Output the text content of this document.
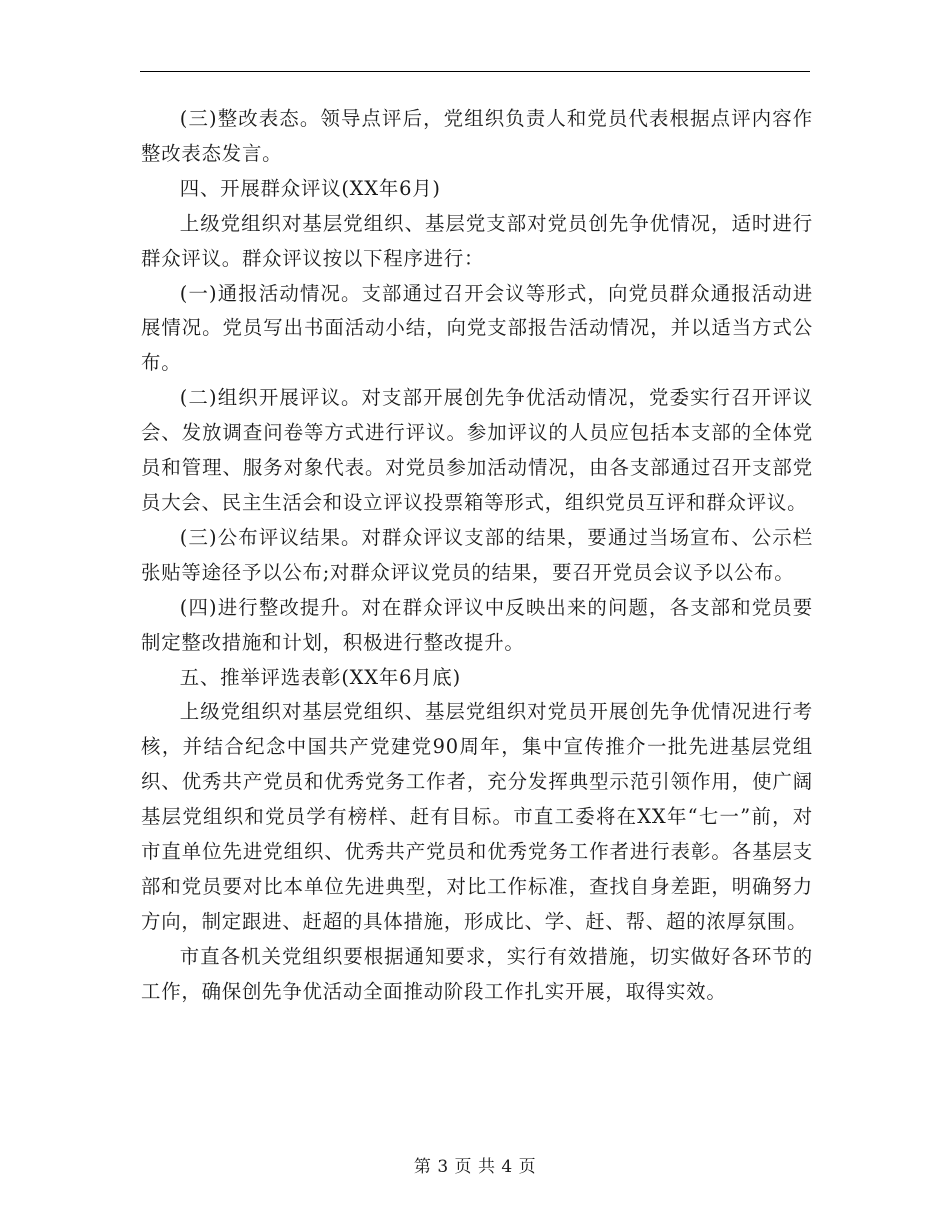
(三)整改表态。领导点评后，党组织负责人和党员代表根据点评内容作整改表态发言。

四、开展群众评议(XX年6月)

上级党组织对基层党组织、基层党支部对党员创先争优情况，适时进行群众评议。群众评议按以下程序进行：

(一)通报活动情况。支部通过召开会议等形式，向党员群众通报活动进展情况。党员写出书面活动小结，向党支部报告活动情况，并以适当方式公布。

(二)组织开展评议。对支部开展创先争优活动情况，党委实行召开评议会、发放调查问卷等方式进行评议。参加评议的人员应包括本支部的全体党员和管理、服务对象代表。对党员参加活动情况，由各支部通过召开支部党员大会、民主生活会和设立评议投票箱等形式，组织党员互评和群众评议。

(三)公布评议结果。对群众评议支部的结果，要通过当场宣布、公示栏张贴等途径予以公布;对群众评议党员的结果，要召开党员会议予以公布。

(四)进行整改提升。对在群众评议中反映出来的问题，各支部和党员要制定整改措施和计划，积极进行整改提升。

五、推举评选表彰(XX年6月底)

上级党组织对基层党组织、基层党组织对党员开展创先争优情况进行考核，并结合纪念中国共产党建党90周年，集中宣传推介一批先进基层党组织、优秀共产党员和优秀党务工作者，充分发挥典型示范引领作用，使广阔基层党组织和党员学有榜样、赶有目标。市直工委将在XX年“七一”前，对市直单位先进党组织、优秀共产党员和优秀党务工作者进行表彰。各基层支部和党员要对比本单位先进典型，对比工作标准，查找自身差距，明确努力方向，制定跟进、赶超的具体措施，形成比、学、赶、帮、超的浓厚氛围。

市直各机关党组织要根据通知要求，实行有效措施，切实做好各环节的工作，确保创先争优活动全面推动阶段工作扎实开展，取得实效。

第 3 页 共 4 页
